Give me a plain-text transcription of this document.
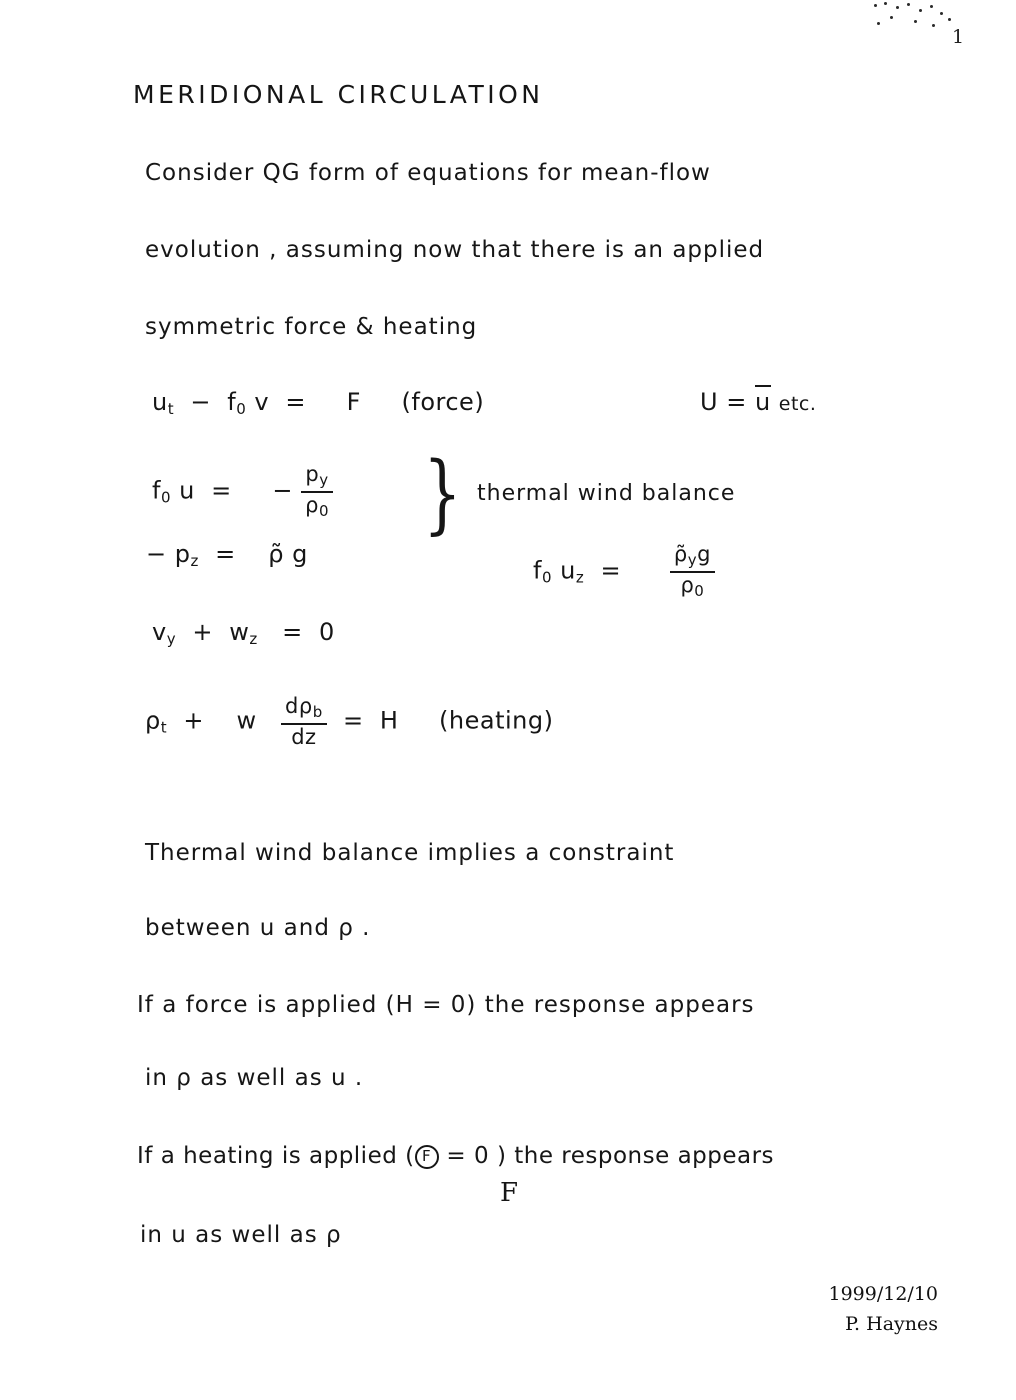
1
MERIDIONAL CIRCULATION
Consider QG form of equations for mean-flow
evolution , assuming now that there is an applied
symmetric force & heating
$u_t - f_0$ v  =     F     (force)	U = u etc.
$f_0$ u  =     − $\frac{p_y}{\rho_0}$
− $p_z$  =    ρ̃ g
} thermal wind balance
$f_0$ $u_z = \frac{\rhõ_yg}{\rho_0}$
$v_y + w_z = 0$
$\rho_t$  +    w $\frac{d\rho_b}{dz} = H$     (heating)
Thermal wind balance implies a constraint
between u and ρ .
If a force is applied (H = 0) the response appears
in ρ as well as u .
If a heating is applied ( F = 0 ) the response appears
F
in u as well as ρ
1999/12/10
P. Haynes
